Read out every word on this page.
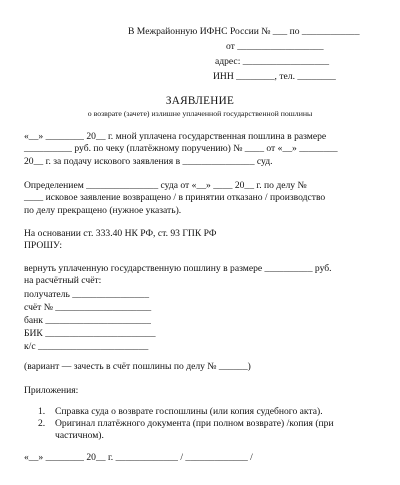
В Межрайонную ИФНС России № ___ по ____________
от __________________
адрес: __________________
ИНН ________, тел. ________
ЗАЯВЛЕНИЕ
о возврате (зачете) излишне уплаченной государственной пошлины
«__» ________ 20__ г. мной уплачена государственная пошлина в размере
__________ руб. по чеку (платёжному поручению) № ____ от «__» ________
20__ г. за подачу искового заявления в _______________ суд.
Определением _______________ суда от «__» ____ 20__ г. по делу №
____ исковое заявление возвращено / в принятии отказано / производство
по делу прекращено (нужное указать).
На основании ст. 333.40 НК РФ, ст. 93 ГПК РФ
ПРОШУ:
вернуть уплаченную государственную пошлину в размере __________ руб.
на расчётный счёт:
получатель ________________
счёт № ____________________
банк ______________________
БИК _______________________
к/с _______________________
(вариант — зачесть в счёт пошлины по делу № ______)
Приложения:
1. Справка суда о возврате госпошлины (или копия судебного акта).
2. Оригинал платёжного документа (при полном возврате) /копия (при
частичном).
«__» ________ 20__ г. _____________ / _____________ /
